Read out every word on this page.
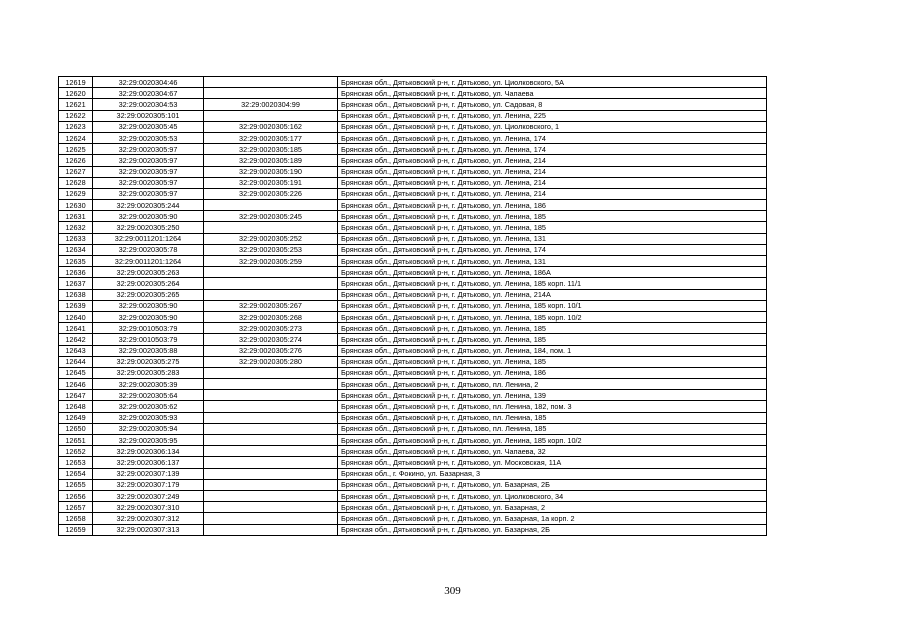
12619	32:29:0020304:46		Брянская обл., Дятьковский р-н, г. Дятьково, ул. Циолковского, 5А
12620	32:29:0020304:67		Брянская обл., Дятьковский р-н, г. Дятьково, ул. Чапаева
12621	32:29:0020304:53	32:29:0020304:99	Брянская обл., Дятьковский р-н, г. Дятьково, ул. Садовая, 8
12622	32:29:0020305:101		Брянская обл., Дятьковский р-н, г. Дятьково, ул. Ленина, 225
12623	32:29:0020305:45	32:29:0020305:162	Брянская обл., Дятьковский р-н, г. Дятьково, ул. Циолковского, 1
12624	32:29:0020305:53	32:29:0020305:177	Брянская обл., Дятьковский р-н, г. Дятьково, ул. Ленина, 174
12625	32:29:0020305:97	32:29:0020305:185	Брянская обл., Дятьковский р-н, г. Дятьково, ул. Ленина, 174
12626	32:29:0020305:97	32:29:0020305:189	Брянская обл., Дятьковский р-н, г. Дятьково, ул. Ленина, 214
12627	32:29:0020305:97	32:29:0020305:190	Брянская обл., Дятьковский р-н, г. Дятьково, ул. Ленина, 214
12628	32:29:0020305:97	32:29:0020305:191	Брянская обл., Дятьковский р-н, г. Дятьково, ул. Ленина, 214
12629	32:29:0020305:97	32:29:0020305:226	Брянская обл., Дятьковский р-н, г. Дятьково, ул. Ленина, 214
12630	32:29:0020305:244		Брянская обл., Дятьковский р-н, г. Дятьково, ул. Ленина, 186
12631	32:29:0020305:90	32:29:0020305:245	Брянская обл., Дятьковский р-н, г. Дятьково, ул. Ленина, 185
12632	32:29:0020305:250		Брянская обл., Дятьковский р-н, г. Дятьково, ул. Ленина, 185
12633	32:29:0011201:1264	32:29:0020305:252	Брянская обл., Дятьковский р-н, г. Дятьково, ул. Ленина, 131
12634	32:29:0020305:78	32:29:0020305:253	Брянская обл., Дятьковский р-н, г. Дятьково, ул. Ленина, 174
12635	32:29:0011201:1264	32:29:0020305:259	Брянская обл., Дятьковский р-н, г. Дятьково, ул. Ленина, 131
12636	32:29:0020305:263		Брянская обл., Дятьковский р-н, г. Дятьково, ул. Ленина, 186А
12637	32:29:0020305:264		Брянская обл., Дятьковский р-н, г. Дятьково, ул. Ленина, 185 корп. 11/1
12638	32:29:0020305:265		Брянская обл., Дятьковский р-н, г. Дятьково, ул. Ленина, 214А
12639	32:29:0020305:90	32:29:0020305:267	Брянская обл., Дятьковский р-н, г. Дятьково, ул. Ленина, 185 корп. 10/1
12640	32:29:0020305:90	32:29:0020305:268	Брянская обл., Дятьковский р-н, г. Дятьково, ул. Ленина, 185 корп. 10/2
12641	32:29:0010503:79	32:29:0020305:273	Брянская обл., Дятьковский р-н, г. Дятьково, ул. Ленина, 185
12642	32:29:0010503:79	32:29:0020305:274	Брянская обл., Дятьковский р-н, г. Дятьково, ул. Ленина, 185
12643	32:29:0020305:88	32:29:0020305:276	Брянская обл., Дятьковский р-н, г. Дятьково, ул. Ленина, 184, пом. 1
12644	32:29:0020305:275	32:29:0020305:280	Брянская обл., Дятьковский р-н, г. Дятьково, ул. Ленина, 185
12645	32:29:0020305:283		Брянская обл., Дятьковский р-н, г. Дятьково, ул. Ленина, 186
12646	32:29:0020305:39		Брянская обл., Дятьковский р-н, г. Дятьково, пл. Ленина, 2
12647	32:29:0020305:64		Брянская обл., Дятьковский р-н, г. Дятьково, ул. Ленина, 139
12648	32:29:0020305:62		Брянская обл., Дятьковский р-н, г. Дятьково, пл. Ленина, 182, пом. 3
12649	32:29:0020305:93		Брянская обл., Дятьковский р-н, г. Дятьково, пл. Ленина, 185
12650	32:29:0020305:94		Брянская обл., Дятьковский р-н, г. Дятьково, пл. Ленина, 185
12651	32:29:0020305:95		Брянская обл., Дятьковский р-н, г. Дятьково, ул. Ленина, 185 корп. 10/2
12652	32:29:0020306:134		Брянская обл., Дятьковский р-н, г. Дятьково, ул. Чапаева, 32
12653	32:29:0020306:137		Брянская обл., Дятьковский р-н, г. Дятьково, ул. Московская, 11А
12654	32:29:0020307:139		Брянская обл., г. Фокино, ул. Базарная, 3
12655	32:29:0020307:179		Брянская обл., Дятьковский р-н, г. Дятьково, ул. Базарная, 2Б
12656	32:29:0020307:249		Брянская обл., Дятьковский р-н, г. Дятьково, ул. Циолковского, 34
12657	32:29:0020307:310		Брянская обл., Дятьковский р-н, г. Дятьково, ул. Базарная, 2
12658	32:29:0020307:312		Брянская обл., Дятьковский р-н, г. Дятьково, ул. Базарная, 1а корп. 2
12659	32:29:0020307:313		Брянская обл., Дятьковский р-н, г. Дятьково, ул. Базарная, 2Б
309
